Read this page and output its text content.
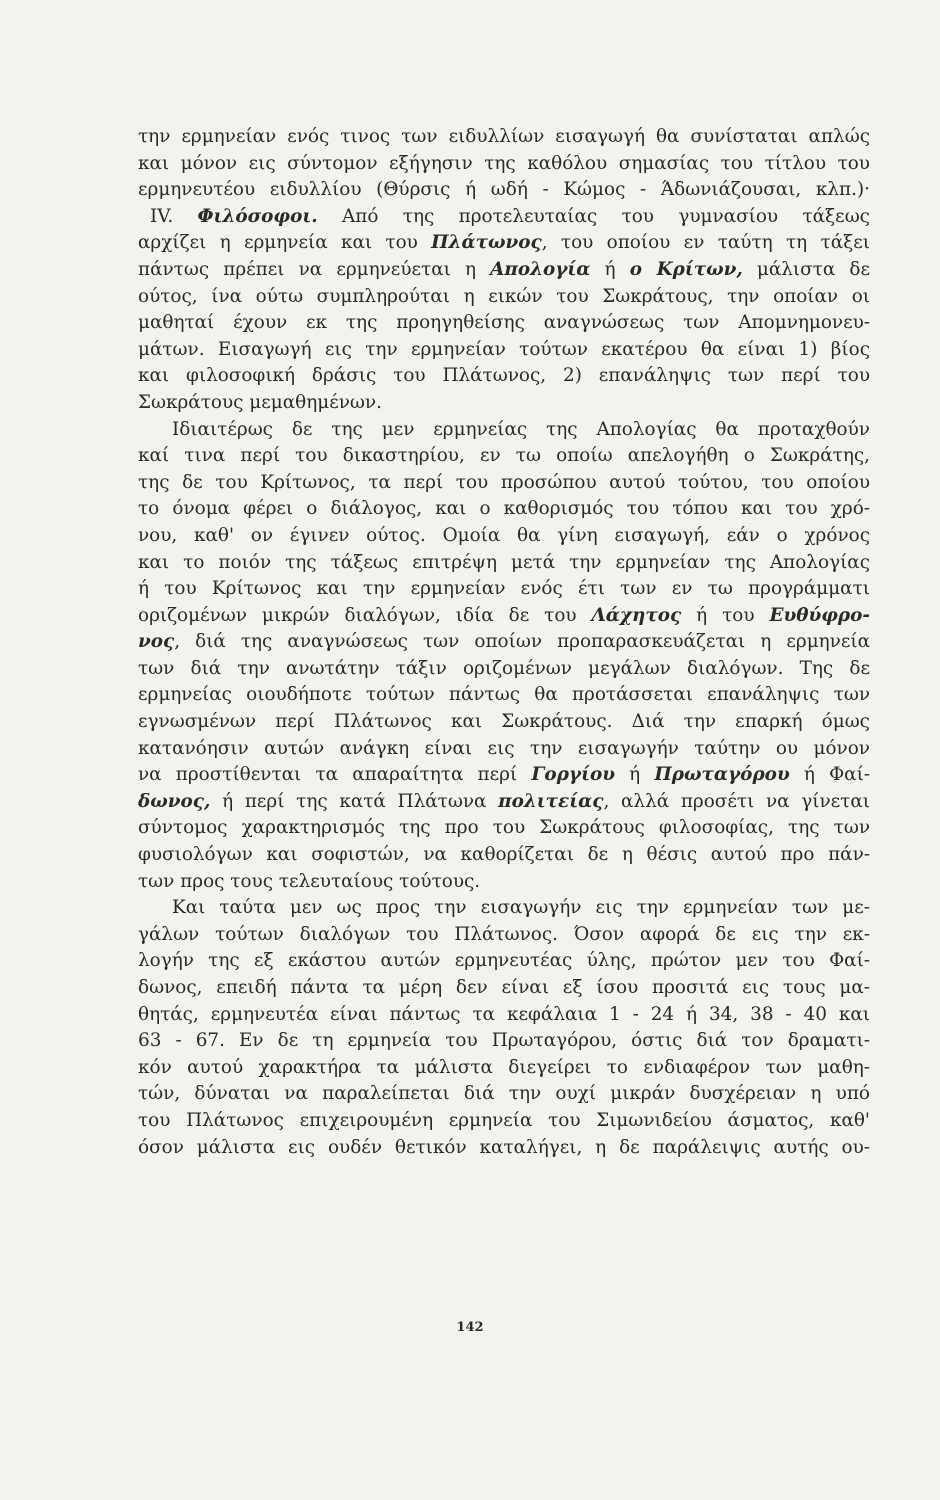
την ερμηνείαν ενός τινος των ειδυλλίων εισαγωγή θα συνίσταται απλώς
και μόνον εις σύντομον εξήγησιν της καθόλου σημασίας του τίτλου του
ερμηνευτέου ειδυλλίου (Θύρσις ή ωδή - Κώμος - Άδωνιάζουσαι, κλπ.)·
IV. Φιλόσοφοι. Από της προτελευταίας του γυμνασίου τάξεως
αρχίζει η ερμηνεία και του Πλάτωνος, του οποίου εν ταύτη τη τάξει
πάντως πρέπει να ερμηνεύεται η Απολογία ή ο Κρίτων, μάλιστα δε
ούτος, ίνα ούτω συμπληρούται η εικών του Σωκράτους, την οποίαν οι
μαθηταί έχουν εκ της προηγηθείσης αναγνώσεως των Απομνημονευ-
μάτων. Εισαγωγή εις την ερμηνείαν τούτων εκατέρου θα είναι 1) βίος
και φιλοσοφική δράσις του Πλάτωνος, 2) επανάληψις των περί του
Σωκράτους μεμαθημένων.
Ιδιαιτέρως δε της μεν ερμηνείας της Απολογίας θα προταχθούν
καί τινα περί του δικαστηρίου, εν τω οποίω απελογήθη ο Σωκράτης,
της δε του Κρίτωνος, τα περί του προσώπου αυτού τούτου, του οποίου
το όνομα φέρει ο διάλογος, και ο καθορισμός του τόπου και του χρό-
νου, καθ' ον έγινεν ούτος. Ομοία θα γίνη εισαγωγή, εάν ο χρόνος
και το ποιόν της τάξεως επιτρέψη μετά την ερμηνείαν της Απολογίας
ή του Κρίτωνος και την ερμηνείαν ενός έτι των εν τω προγράμματι
οριζομένων μικρών διαλόγων, ιδία δε του Λάχητος ή του Ευθύφρο-
νος, διά της αναγνώσεως των οποίων προπαρασκευάζεται η ερμηνεία
των διά την ανωτάτην τάξιν οριζομένων μεγάλων διαλόγων. Της δε
ερμηνείας οιουδήποτε τούτων πάντως θα προτάσσεται επανάληψις των
εγνωσμένων περί Πλάτωνος και Σωκράτους. Διά την επαρκή όμως
κατανόησιν αυτών ανάγκη είναι εις την εισαγωγήν ταύτην ου μόνον
να προστίθενται τα απαραίτητα περί Γοργίου ή Πρωταγόρου ή Φαί-
δωνος, ή περί της κατά Πλάτωνα πολιτείας, αλλά προσέτι να γίνεται
σύντομος χαρακτηρισμός της προ του Σωκράτους φιλοσοφίας, της των
φυσιολόγων και σοφιστών, να καθορίζεται δε η θέσις αυτού προ πάν-
των προς τους τελευταίους τούτους.
Και ταύτα μεν ως προς την εισαγωγήν εις την ερμηνείαν των με-
γάλων τούτων διαλόγων του Πλάτωνος. Όσον αφορά δε εις την εκ-
λογήν της εξ εκάστου αυτών ερμηνευτέας ύλης, πρώτον μεν του Φαί-
δωνος, επειδή πάντα τα μέρη δεν είναι εξ ίσου προσιτά εις τους μα-
θητάς, ερμηνευτέα είναι πάντως τα κεφάλαια 1 - 24 ή 34, 38 - 40 και
63 - 67. Εν δε τη ερμηνεία του Πρωταγόρου, όστις διά τον δραματι-
κόν αυτού χαρακτήρα τα μάλιστα διεγείρει το ενδιαφέρον των μαθη-
τών, δύναται να παραλείπεται διά την ουχί μικράν δυσχέρειαν η υπό
του Πλάτωνος επιχειρουμένη ερμηνεία του Σιμωνιδείου άσματος, καθ'
όσον μάλιστα εις ουδέν θετικόν καταλήγει, η δε παράλειψις αυτής ου-
142
